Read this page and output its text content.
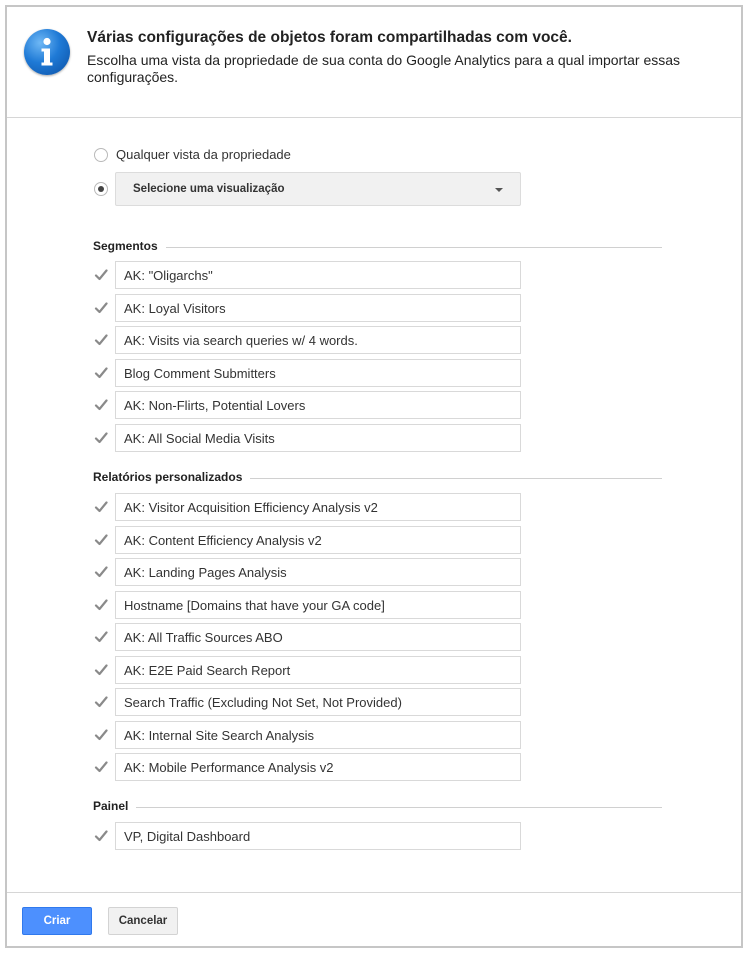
Várias configurações de objetos foram compartilhadas com você.
Escolha uma vista da propriedade de sua conta do Google Analytics para a qual importar essas configurações.
Qualquer vista da propriedade
Selecione uma visualização
Segmentos
AK: "Oligarchs"
AK: Loyal Visitors
AK: Visits via search queries w/ 4 words.
Blog Comment Submitters
AK: Non-Flirts, Potential Lovers
AK: All Social Media Visits
Relatórios personalizados
AK: Visitor Acquisition Efficiency Analysis v2
AK: Content Efficiency Analysis v2
AK: Landing Pages Analysis
Hostname [Domains that have your GA code]
AK: All Traffic Sources ABO
AK: E2E Paid Search Report
Search Traffic (Excluding Not Set, Not Provided)
AK: Internal Site Search Analysis
AK: Mobile Performance Analysis v2
Painel
VP, Digital Dashboard
Criar	Cancelar
